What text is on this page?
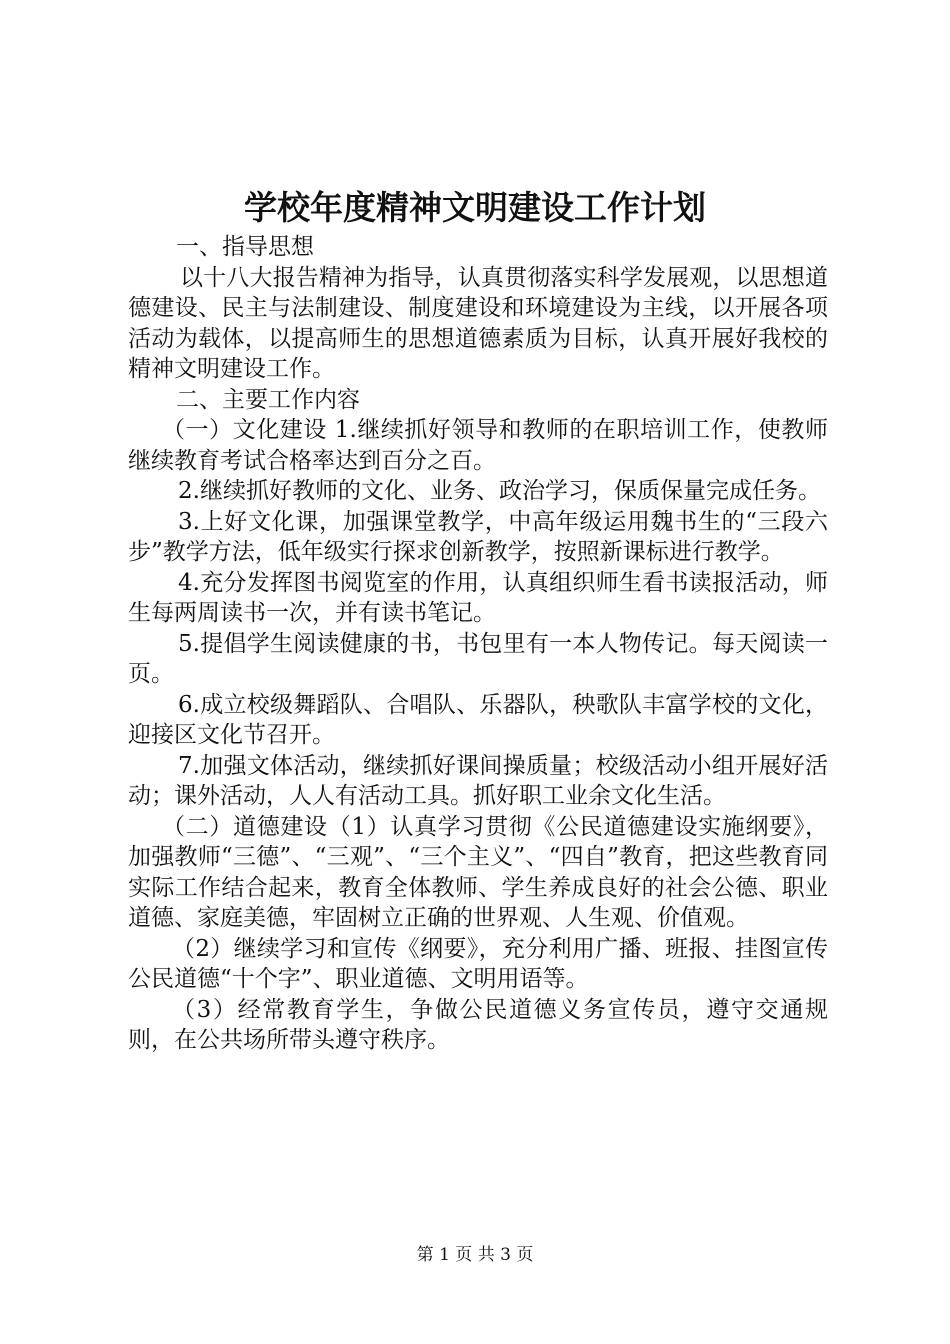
学校年度精神文明建设工作计划

一、指导思想

以十八大报告精神为指导，认真贯彻落实科学发展观，以思想道德建设、民主与法制建设、制度建设和环境建设为主线，以开展各项活动为载体，以提高师生的思想道德素质为目标，认真开展好我校的精神文明建设工作。

二、主要工作内容

（一）文化建设 1.继续抓好领导和教师的在职培训工作，使教师继续教育考试合格率达到百分之百。

2.继续抓好教师的文化、业务、政治学习，保质保量完成任务。

3.上好文化课，加强课堂教学，中高年级运用魏书生的“三段六步”教学方法，低年级实行探求创新教学，按照新课标进行教学。

4.充分发挥图书阅览室的作用，认真组织师生看书读报活动，师生每两周读书一次，并有读书笔记。

5.提倡学生阅读健康的书，书包里有一本人物传记。每天阅读一页。

6.成立校级舞蹈队、合唱队、乐器队，秧歌队丰富学校的文化，迎接区文化节召开。

7.加强文体活动，继续抓好课间操质量；校级活动小组开展好活动；课外活动，人人有活动工具。抓好职工业余文化生活。

（二）道德建设（1）认真学习贯彻《公民道德建设实施纲要》，加强教师“三德”、“三观”、“三个主义”、“四自”教育，把这些教育同实际工作结合起来，教育全体教师、学生养成良好的社会公德、职业道德、家庭美德，牢固树立正确的世界观、人生观、价值观。

（2）继续学习和宣传《纲要》，充分利用广播、班报、挂图宣传公民道德“十个字”、职业道德、文明用语等。

（3）经常教育学生，争做公民道德义务宣传员，遵守交通规则，在公共场所带头遵守秩序。

第 1 页 共 3 页
